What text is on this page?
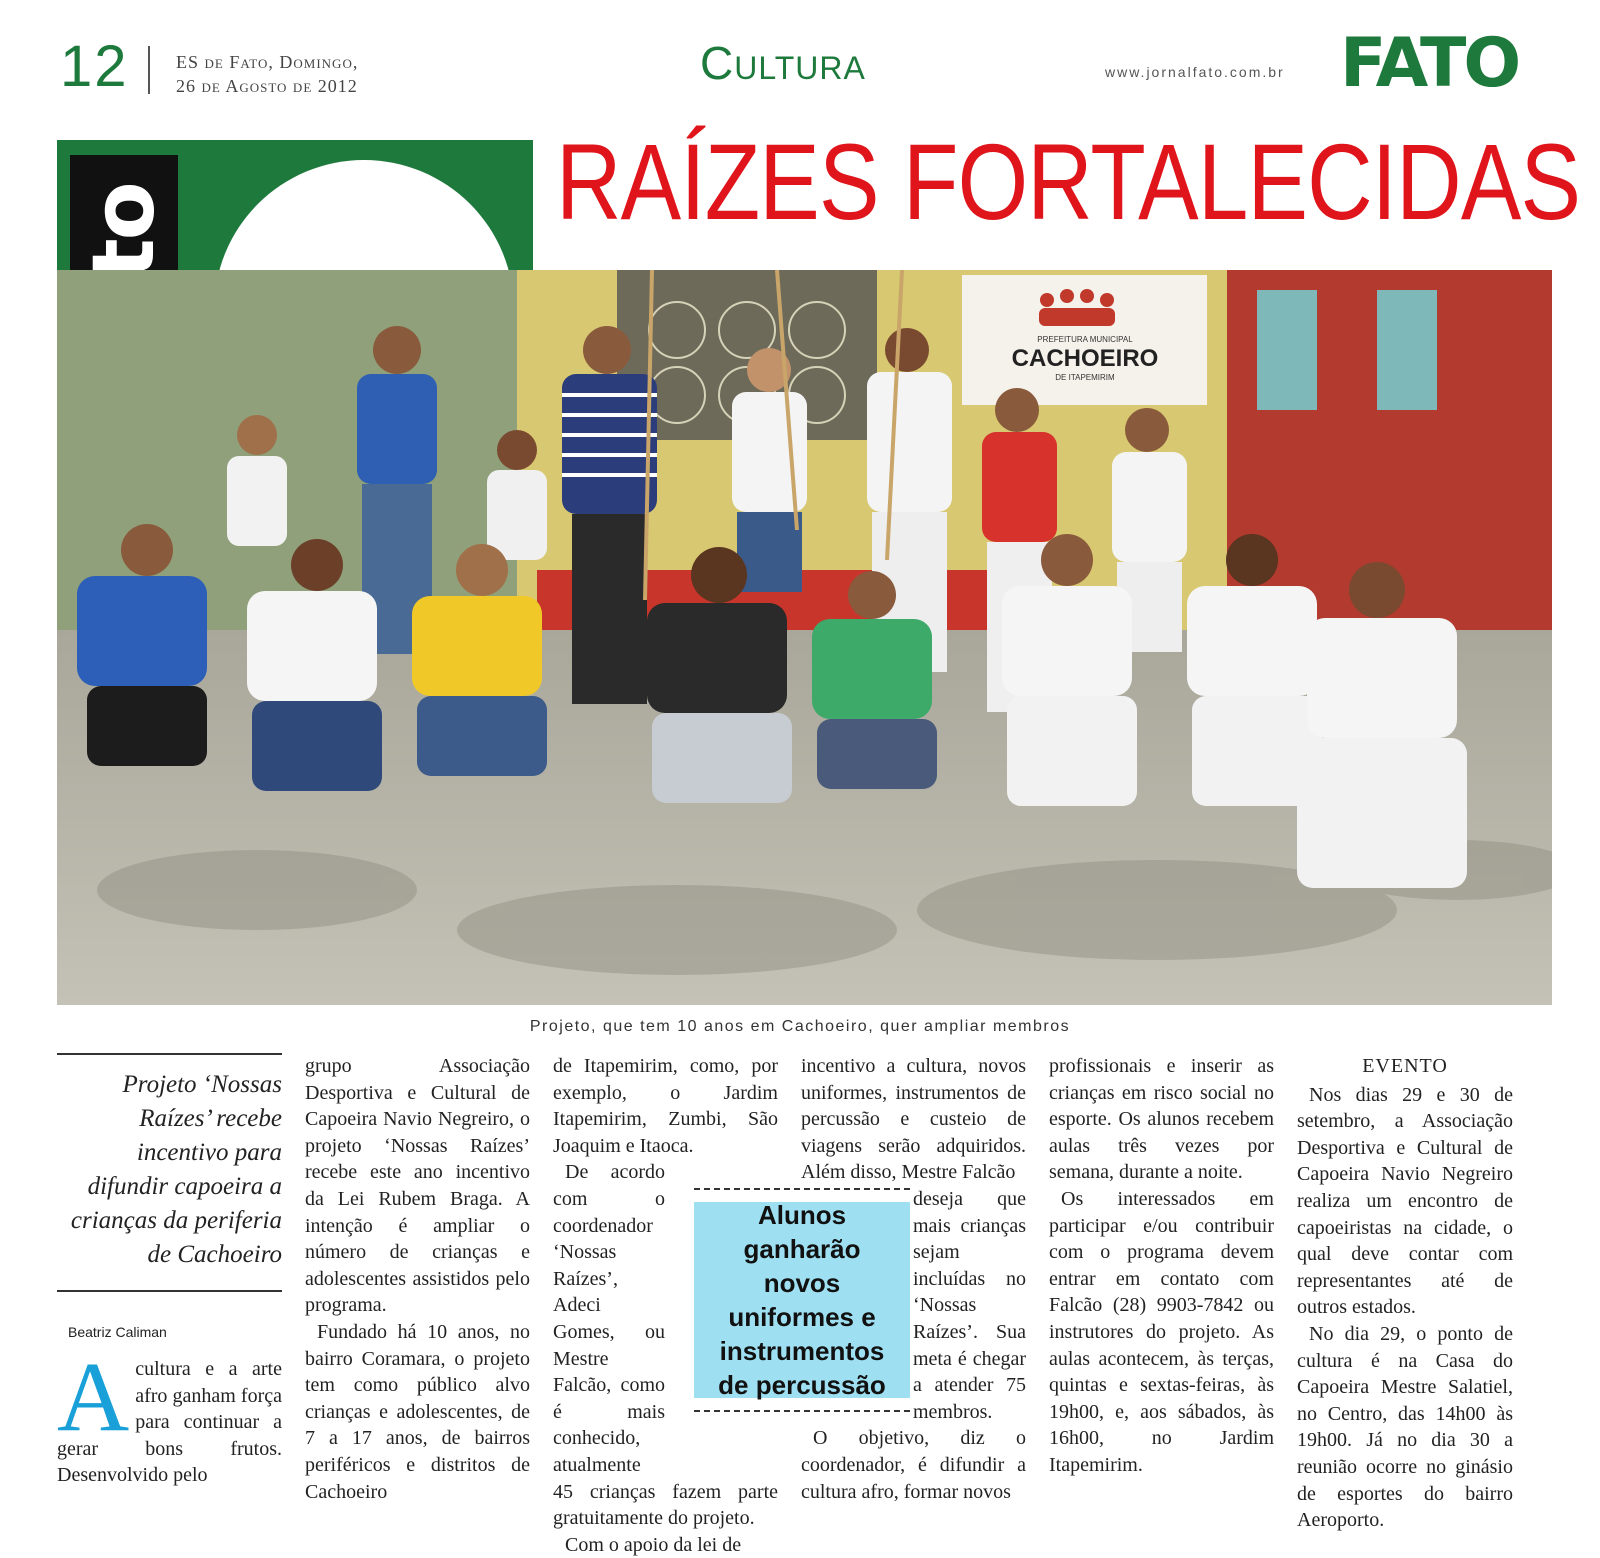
12	ES de Fato, Domingo,
26 de Agosto de 2012	Cultura	www.jornalfato.com.br FATO
RAÍZES FORTALECIDAS
PREFEITURA MUNICIPAL
CACHOEIRO
DE ITAPEMIRIM
Projeto, que tem 10 anos em Cachoeiro, quer ampliar membros
Projeto ‘Nossas Raízes’ recebe incentivo para difundir capoeira a crianças da periferia de Cachoeiro
Beatriz Caliman

Acultura e a arte afro ganham força para continuar a gerar bons frutos. Desenvolvido pelo

grupo Associação Desportiva e Cultural de Capoeira Navio Negreiro, o projeto ‘Nossas Raízes’ recebe este ano incentivo da Lei Rubem Braga. A intenção é ampliar o número de crianças e adolescentes assistidos pelo programa.

Fundado há 10 anos, no bairro Coramara, o projeto tem como público alvo crianças e adolescentes, de 7 a 17 anos, de bairros periféricos e distritos de Cachoeiro

de Itapemirim, como, por exemplo, o Jardim Itapemirim, Zumbi, São Joaquim e Itaoca.

De acordo com o coordenador ‘Nossas Raízes’, Adeci Gomes, ou Mestre Falcão, como é mais conhecido, atualmente
45 crianças fazem parte gratuitamente do projeto.

Com o apoio da lei de

incentivo a cultura, novos uniformes, instrumentos de percussão e custeio de viagens serão adquiridos. Além disso, Mestre Falcão
deseja que mais crianças sejam incluídas no ‘Nossas Raízes’. Sua meta é chegar a atender 75 membros.

O objetivo, diz o coordenador, é difundir a cultura afro, formar novos

Alunos ganharão novos uniformes e instrumentos de percussão

profissionais e inserir as crianças em risco social no esporte. Os alunos recebem aulas três vezes por semana, durante a noite.

Os interessados em participar e/ou contribuir com o programa devem entrar em contato com Falcão (28) 9903-7842 ou instrutores do projeto. As aulas acontecem, às terças, quintas e sextas-feiras, às 19h00, e, aos sábados, às 16h00, no Jardim Itapemirim.

EVENTO

Nos dias 29 e 30 de setembro, a Associação Desportiva e Cultural de Capoeira Navio Negreiro realiza um encontro de capoeiristas na cidade, o qual deve contar com representantes até de outros estados.

No dia 29, o ponto de cultura é na Casa do Capoeira Mestre Salatiel, no Centro, das 14h00 às 19h00. Já no dia 30 a reunião ocorre no ginásio de esportes do bairro Aeroporto.
